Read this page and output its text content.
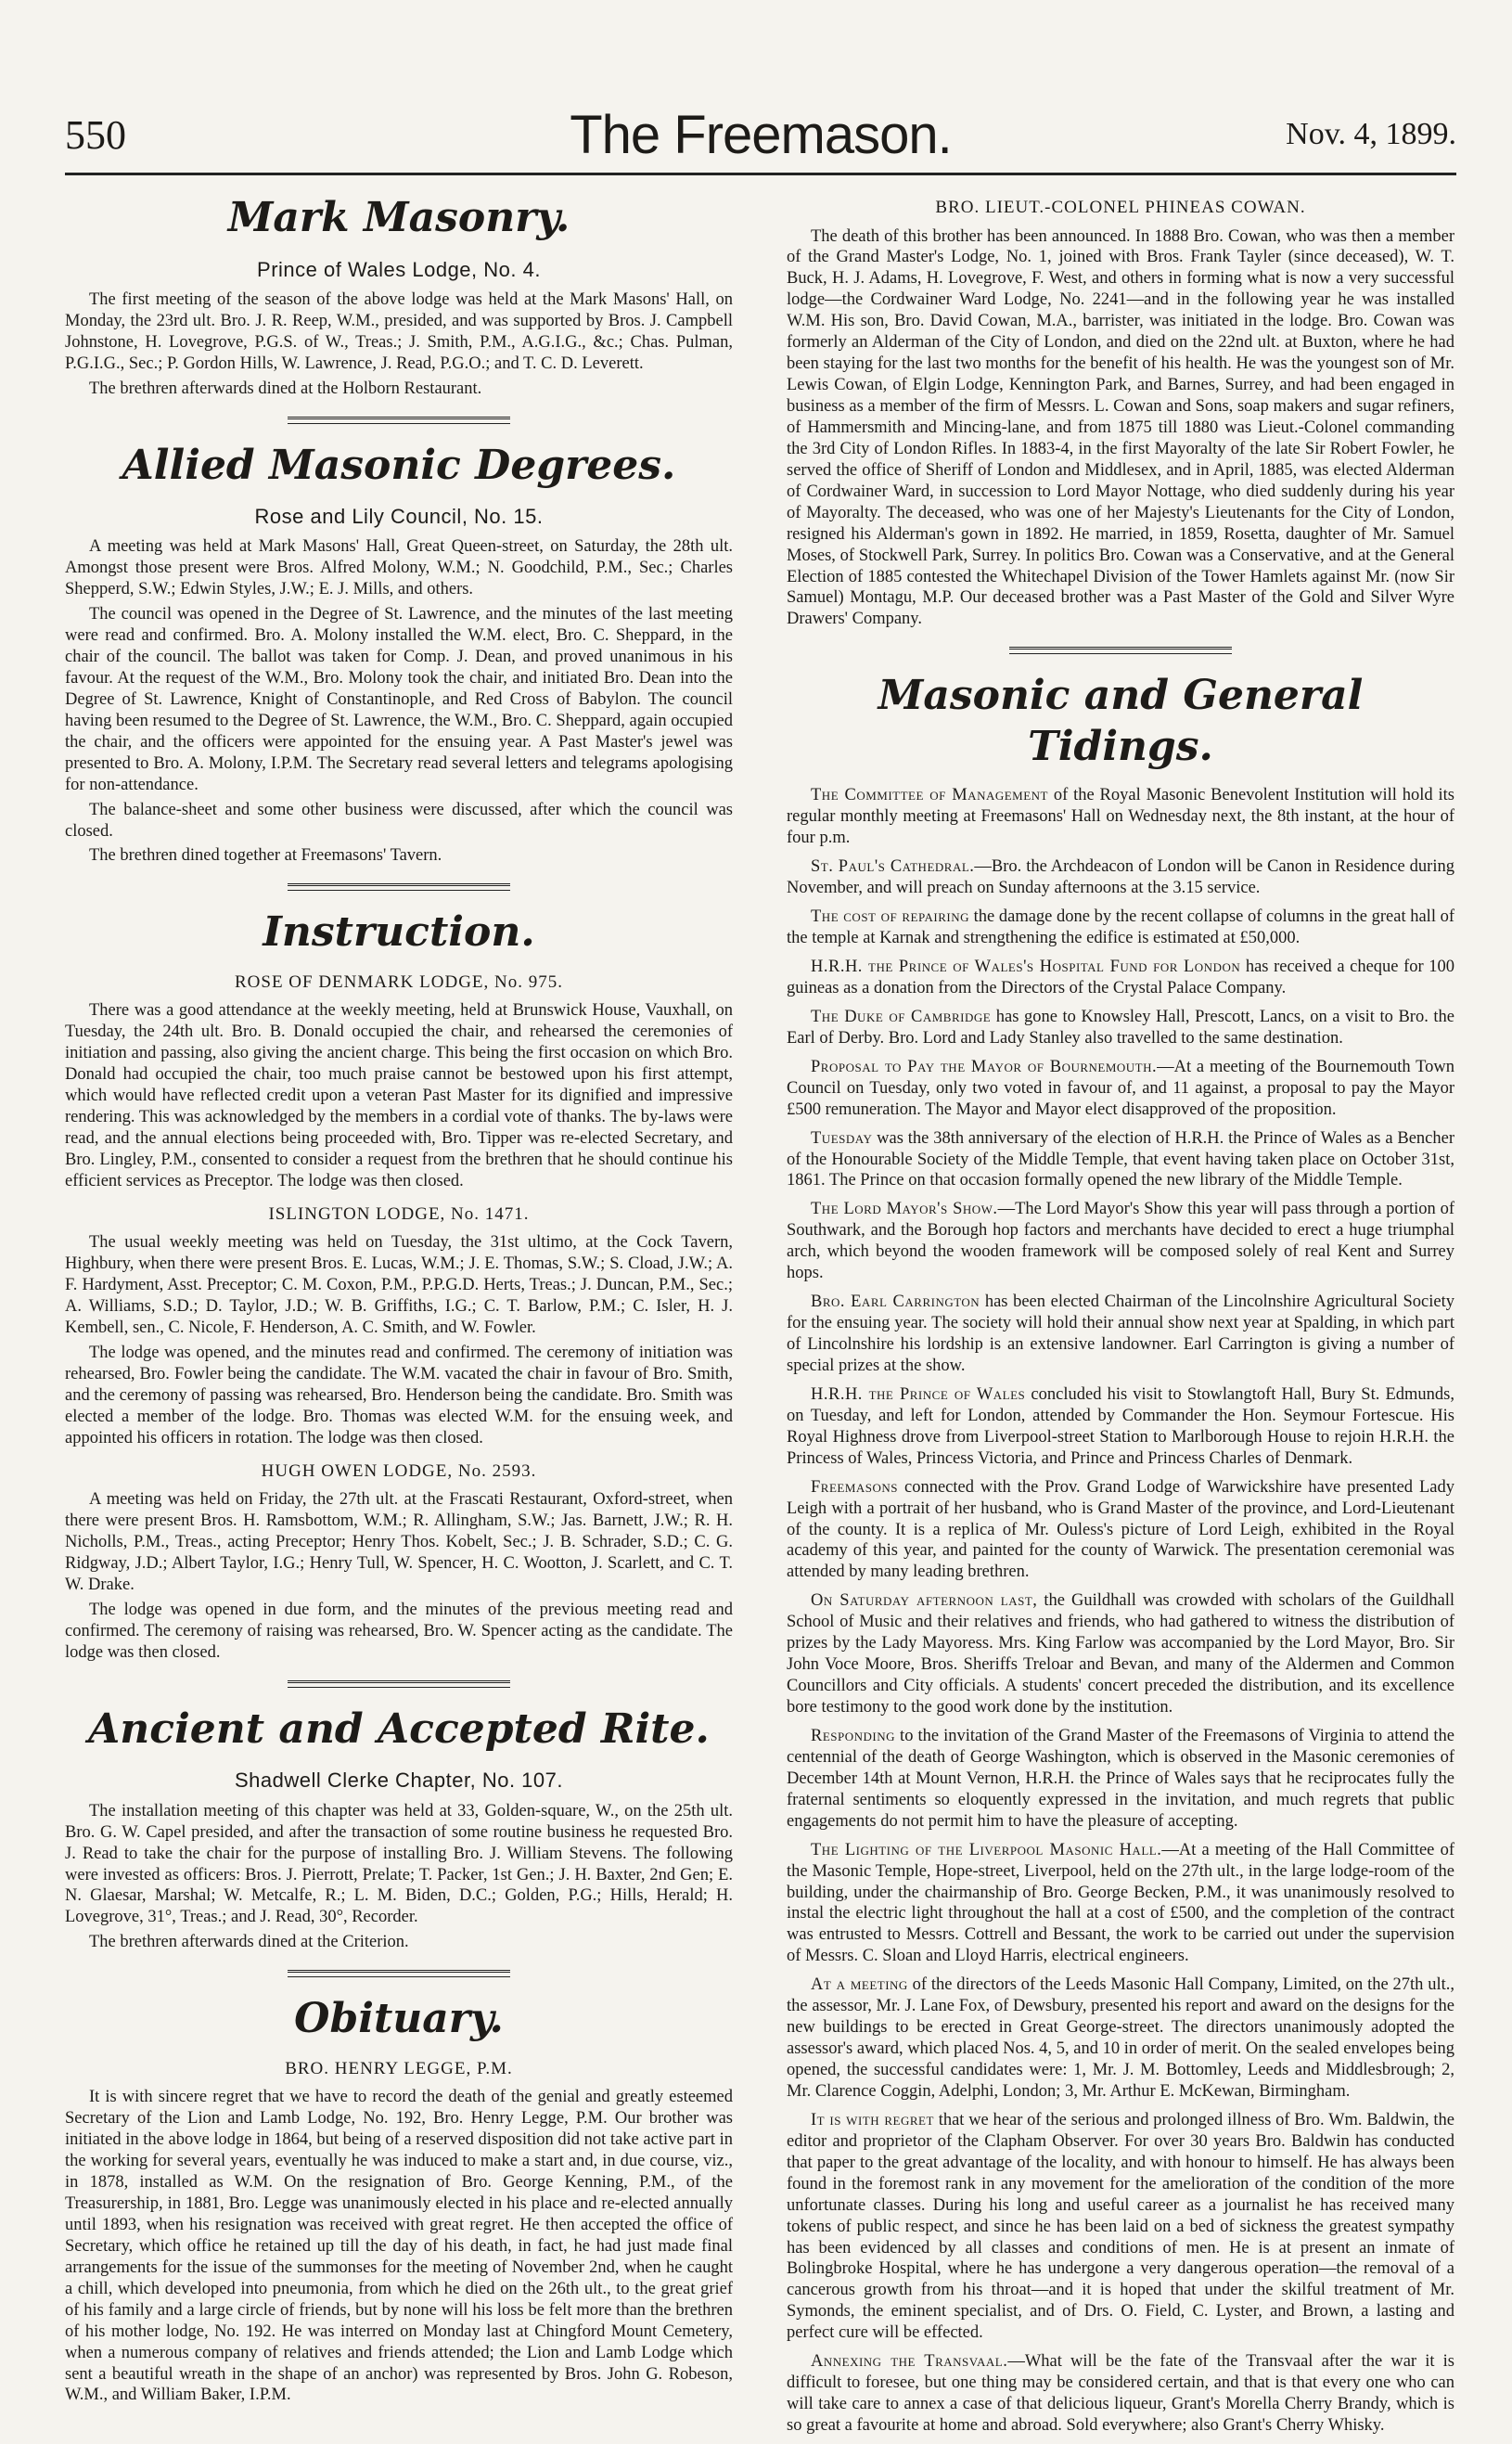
550	The Freemason.	Nov. 4, 1899.
Mark Masonry.
Prince of Wales Lodge, No. 4.

The first meeting of the season of the above lodge was held at the Mark Masons' Hall, on Monday, the 23rd ult. Bro. J. R. Reep, W.M., presided, and was supported by Bros. J. Campbell Johnstone, H. Lovegrove, P.G.S. of W., Treas.; J. Smith, P.M., A.G.I.G., &c.; Chas. Pulman, P.G.I.G., Sec.; P. Gordon Hills, W. Lawrence, J. Read, P.G.O.; and T. C. D. Leverett.

The brethren afterwards dined at the Holborn Restaurant.

Allied Masonic Degrees.
Rose and Lily Council, No. 15.

A meeting was held at Mark Masons' Hall, Great Queen-street, on Saturday, the 28th ult. Amongst those present were Bros. Alfred Molony, W.M.; N. Goodchild, P.M., Sec.; Charles Shepperd, S.W.; Edwin Styles, J.W.; E. J. Mills, and others.

The council was opened in the Degree of St. Lawrence, and the minutes of the last meeting were read and confirmed. Bro. A. Molony installed the W.M. elect, Bro. C. Sheppard, in the chair of the council. The ballot was taken for Comp. J. Dean, and proved unanimous in his favour. At the request of the W.M., Bro. Molony took the chair, and initiated Bro. Dean into the Degree of St. Lawrence, Knight of Constantinople, and Red Cross of Babylon. The council having been resumed to the Degree of St. Lawrence, the W.M., Bro. C. Sheppard, again occupied the chair, and the officers were appointed for the ensuing year. A Past Master's jewel was presented to Bro. A. Molony, I.P.M. The Secretary read several letters and telegrams apologising for non-attendance.

The balance-sheet and some other business were discussed, after which the council was closed.

The brethren dined together at Freemasons' Tavern.

Instruction.
ROSE OF DENMARK LODGE, No. 975.

There was a good attendance at the weekly meeting, held at Brunswick House, Vauxhall, on Tuesday, the 24th ult. Bro. B. Donald occupied the chair, and rehearsed the ceremonies of initiation and passing, also giving the ancient charge. This being the first occasion on which Bro. Donald had occupied the chair, too much praise cannot be bestowed upon his first attempt, which would have reflected credit upon a veteran Past Master for its dignified and impressive rendering. This was acknowledged by the members in a cordial vote of thanks. The by-laws were read, and the annual elections being proceeded with, Bro. Tipper was re-elected Secretary, and Bro. Lingley, P.M., consented to consider a request from the brethren that he should continue his efficient services as Preceptor. The lodge was then closed.

ISLINGTON LODGE, No. 1471.

The usual weekly meeting was held on Tuesday, the 31st ultimo, at the Cock Tavern, Highbury, when there were present Bros. E. Lucas, W.M.; J. E. Thomas, S.W.; S. Cload, J.W.; A. F. Hardyment, Asst. Preceptor; C. M. Coxon, P.M., P.P.G.D. Herts, Treas.; J. Duncan, P.M., Sec.; A. Williams, S.D.; D. Taylor, J.D.; W. B. Griffiths, I.G.; C. T. Barlow, P.M.; C. Isler, H. J. Kembell, sen., C. Nicole, F. Henderson, A. C. Smith, and W. Fowler.

The lodge was opened, and the minutes read and confirmed. The ceremony of initiation was rehearsed, Bro. Fowler being the candidate. The W.M. vacated the chair in favour of Bro. Smith, and the ceremony of passing was rehearsed, Bro. Henderson being the candidate. Bro. Smith was elected a member of the lodge. Bro. Thomas was elected W.M. for the ensuing week, and appointed his officers in rotation. The lodge was then closed.

HUGH OWEN LODGE, No. 2593.

A meeting was held on Friday, the 27th ult. at the Frascati Restaurant, Oxford-street, when there were present Bros. H. Ramsbottom, W.M.; R. Allingham, S.W.; Jas. Barnett, J.W.; R. H. Nicholls, P.M., Treas., acting Preceptor; Henry Thos. Kobelt, Sec.; J. B. Schrader, S.D.; C. G. Ridgway, J.D.; Albert Taylor, I.G.; Henry Tull, W. Spencer, H. C. Wootton, J. Scarlett, and C. T. W. Drake.

The lodge was opened in due form, and the minutes of the previous meeting read and confirmed. The ceremony of raising was rehearsed, Bro. W. Spencer acting as the candidate. The lodge was then closed.

Ancient and Accepted Rite.
Shadwell Clerke Chapter, No. 107.

The installation meeting of this chapter was held at 33, Golden-square, W., on the 25th ult. Bro. G. W. Capel presided, and after the transaction of some routine business he requested Bro. J. Read to take the chair for the purpose of installing Bro. J. William Stevens. The following were invested as officers: Bros. J. Pierrott, Prelate; T. Packer, 1st Gen.; J. H. Baxter, 2nd Gen; E. N. Glaesar, Marshal; W. Metcalfe, R.; L. M. Biden, D.C.; Golden, P.G.; Hills, Herald; H. Lovegrove, 31°, Treas.; and J. Read, 30°, Recorder.

The brethren afterwards dined at the Criterion.

Obituary.
BRO. HENRY LEGGE, P.M.

It is with sincere regret that we have to record the death of the genial and greatly esteemed Secretary of the Lion and Lamb Lodge, No. 192, Bro. Henry Legge, P.M. Our brother was initiated in the above lodge in 1864, but being of a reserved disposition did not take active part in the working for several years, eventually he was induced to make a start and, in due course, viz., in 1878, installed as W.M. On the resignation of Bro. George Kenning, P.M., of the Treasurership, in 1881, Bro. Legge was unanimously elected in his place and re-elected annually until 1893, when his resignation was received with great regret. He then accepted the office of Secretary, which office he retained up till the day of his death, in fact, he had just made final arrangements for the issue of the summonses for the meeting of November 2nd, when he caught a chill, which developed into pneumonia, from which he died on the 26th ult., to the great grief of his family and a large circle of friends, but by none will his loss be felt more than the brethren of his mother lodge, No. 192. He was interred on Monday last at Chingford Mount Cemetery, when a numerous company of relatives and friends attended; the Lion and Lamb Lodge which sent a beautiful wreath in the shape of an anchor) was represented by Bros. John G. Robeson, W.M., and William Baker, I.P.M.

BRO. LIEUT.-COLONEL PHINEAS COWAN.

The death of this brother has been announced. In 1888 Bro. Cowan, who was then a member of the Grand Master's Lodge, No. 1, joined with Bros. Frank Tayler (since deceased), W. T. Buck, H. J. Adams, H. Lovegrove, F. West, and others in forming what is now a very successful lodge—the Cordwainer Ward Lodge, No. 2241—and in the following year he was installed W.M. His son, Bro. David Cowan, M.A., barrister, was initiated in the lodge. Bro. Cowan was formerly an Alderman of the City of London, and died on the 22nd ult. at Buxton, where he had been staying for the last two months for the benefit of his health. He was the youngest son of Mr. Lewis Cowan, of Elgin Lodge, Kennington Park, and Barnes, Surrey, and had been engaged in business as a member of the firm of Messrs. L. Cowan and Sons, soap makers and sugar refiners, of Hammersmith and Mincing-lane, and from 1875 till 1880 was Lieut.-Colonel commanding the 3rd City of London Rifles. In 1883-4, in the first Mayoralty of the late Sir Robert Fowler, he served the office of Sheriff of London and Middlesex, and in April, 1885, was elected Alderman of Cordwainer Ward, in succession to Lord Mayor Nottage, who died suddenly during his year of Mayoralty. The deceased, who was one of her Majesty's Lieutenants for the City of London, resigned his Alderman's gown in 1892. He married, in 1859, Rosetta, daughter of Mr. Samuel Moses, of Stockwell Park, Surrey. In politics Bro. Cowan was a Conservative, and at the General Election of 1885 contested the Whitechapel Division of the Tower Hamlets against Mr. (now Sir Samuel) Montagu, M.P. Our deceased brother was a Past Master of the Gold and Silver Wyre Drawers' Company.

Masonic and General Tidings.

The Committee of Management of the Royal Masonic Benevolent Institution will hold its regular monthly meeting at Freemasons' Hall on Wednesday next, the 8th instant, at the hour of four p.m.

St. Paul's Cathedral.—Bro. the Archdeacon of London will be Canon in Residence during November, and will preach on Sunday afternoons at the 3.15 service.

The cost of repairing the damage done by the recent collapse of columns in the great hall of the temple at Karnak and strengthening the edifice is estimated at £50,000.

H.R.H. the Prince of Wales's Hospital Fund for London has received a cheque for 100 guineas as a donation from the Directors of the Crystal Palace Company.

The Duke of Cambridge has gone to Knowsley Hall, Prescott, Lancs, on a visit to Bro. the Earl of Derby. Bro. Lord and Lady Stanley also travelled to the same destination.

Proposal to Pay the Mayor of Bournemouth.—At a meeting of the Bournemouth Town Council on Tuesday, only two voted in favour of, and 11 against, a proposal to pay the Mayor £500 remuneration. The Mayor and Mayor elect disapproved of the proposition.

Tuesday was the 38th anniversary of the election of H.R.H. the Prince of Wales as a Bencher of the Honourable Society of the Middle Temple, that event having taken place on October 31st, 1861. The Prince on that occasion formally opened the new library of the Middle Temple.

The Lord Mayor's Show.—The Lord Mayor's Show this year will pass through a portion of Southwark, and the Borough hop factors and merchants have decided to erect a huge triumphal arch, which beyond the wooden framework will be composed solely of real Kent and Surrey hops.

Bro. Earl Carrington has been elected Chairman of the Lincolnshire Agricultural Society for the ensuing year. The society will hold their annual show next year at Spalding, in which part of Lincolnshire his lordship is an extensive landowner. Earl Carrington is giving a number of special prizes at the show.

H.R.H. the Prince of Wales concluded his visit to Stowlangtoft Hall, Bury St. Edmunds, on Tuesday, and left for London, attended by Commander the Hon. Seymour Fortescue. His Royal Highness drove from Liverpool-street Station to Marlborough House to rejoin H.R.H. the Princess of Wales, Princess Victoria, and Prince and Princess Charles of Denmark.

Freemasons connected with the Prov. Grand Lodge of Warwickshire have presented Lady Leigh with a portrait of her husband, who is Grand Master of the province, and Lord-Lieutenant of the county. It is a replica of Mr. Ouless's picture of Lord Leigh, exhibited in the Royal academy of this year, and painted for the county of Warwick. The presentation ceremonial was attended by many leading brethren.

On Saturday afternoon last, the Guildhall was crowded with scholars of the Guildhall School of Music and their relatives and friends, who had gathered to witness the distribution of prizes by the Lady Mayoress. Mrs. King Farlow was accompanied by the Lord Mayor, Bro. Sir John Voce Moore, Bros. Sheriffs Treloar and Bevan, and many of the Aldermen and Common Councillors and City officials. A students' concert preceded the distribution, and its excellence bore testimony to the good work done by the institution.

Responding to the invitation of the Grand Master of the Freemasons of Virginia to attend the centennial of the death of George Washington, which is observed in the Masonic ceremonies of December 14th at Mount Vernon, H.R.H. the Prince of Wales says that he reciprocates fully the fraternal sentiments so eloquently expressed in the invitation, and much regrets that public engagements do not permit him to have the pleasure of accepting.

The Lighting of the Liverpool Masonic Hall.—At a meeting of the Hall Committee of the Masonic Temple, Hope-street, Liverpool, held on the 27th ult., in the large lodge-room of the building, under the chairmanship of Bro. George Becken, P.M., it was unanimously resolved to instal the electric light throughout the hall at a cost of £500, and the completion of the contract was entrusted to Messrs. Cottrell and Bessant, the work to be carried out under the supervision of Messrs. C. Sloan and Lloyd Harris, electrical engineers.

At a meeting of the directors of the Leeds Masonic Hall Company, Limited, on the 27th ult., the assessor, Mr. J. Lane Fox, of Dewsbury, presented his report and award on the designs for the new buildings to be erected in Great George-street. The directors unanimously adopted the assessor's award, which placed Nos. 4, 5, and 10 in order of merit. On the sealed envelopes being opened, the successful candidates were: 1, Mr. J. M. Bottomley, Leeds and Middlesbrough; 2, Mr. Clarence Coggin, Adelphi, London; 3, Mr. Arthur E. McKewan, Birmingham.

It is with regret that we hear of the serious and prolonged illness of Bro. Wm. Baldwin, the editor and proprietor of the Clapham Observer. For over 30 years Bro. Baldwin has conducted that paper to the great advantage of the locality, and with honour to himself. He has always been found in the foremost rank in any movement for the amelioration of the condition of the more unfortunate classes. During his long and useful career as a journalist he has received many tokens of public respect, and since he has been laid on a bed of sickness the greatest sympathy has been evidenced by all classes and conditions of men. He is at present an inmate of Bolingbroke Hospital, where he has undergone a very dangerous operation—the removal of a cancerous growth from his throat—and it is hoped that under the skilful treatment of Mr. Symonds, the eminent specialist, and of Drs. O. Field, C. Lyster, and Brown, a lasting and perfect cure will be effected.

Annexing the Transvaal.—What will be the fate of the Transvaal after the war it is difficult to foresee, but one thing may be considered certain, and that is that every one who can will take care to annex a case of that delicious liqueur, Grant's Morella Cherry Brandy, which is so great a favourite at home and abroad. Sold everywhere; also Grant's Cherry Whisky.
